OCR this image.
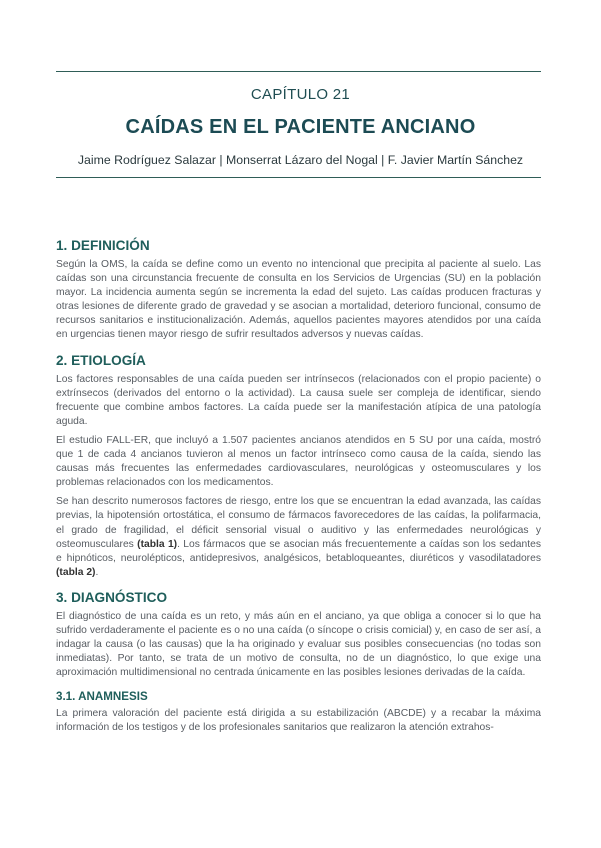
CAPÍTULO 21
CAÍDAS EN EL PACIENTE ANCIANO
Jaime Rodríguez Salazar | Monserrat Lázaro del Nogal | F. Javier Martín Sánchez
1. DEFINICIÓN

Según la OMS, la caída se define como un evento no intencional que precipita al paciente al suelo. Las caídas son una circunstancia frecuente de consulta en los Servicios de Urgencias (SU) en la población mayor. La incidencia aumenta según se incrementa la edad del sujeto. Las caídas producen fracturas y otras lesiones de diferente grado de gravedad y se asocian a mortalidad, deterioro funcional, consumo de recursos sanitarios e institucionalización. Además, aquellos pacientes mayores atendidos por una caída en urgencias tienen mayor riesgo de sufrir resultados adversos y nuevas caídas.

2. ETIOLOGÍA

Los factores responsables de una caída pueden ser intrínsecos (relacionados con el propio paciente) o extrínsecos (derivados del entorno o la actividad). La causa suele ser compleja de identificar, siendo frecuente que combine ambos factores. La caída puede ser la manifestación atípica de una patología aguda.

El estudio FALL-ER, que incluyó a 1.507 pacientes ancianos atendidos en 5 SU por una caída, mostró que 1 de cada 4 ancianos tuvieron al menos un factor intrínseco como causa de la caída, siendo las causas más frecuentes las enfermedades cardiovasculares, neurológicas y osteomusculares y los problemas relacionados con los medicamentos.

Se han descrito numerosos factores de riesgo, entre los que se encuentran la edad avanzada, las caídas previas, la hipotensión ortostática, el consumo de fármacos favorecedores de las caídas, la polifarmacia, el grado de fragilidad, el déficit sensorial visual o auditivo y las enfermedades neurológicas y osteomusculares (tabla 1). Los fármacos que se asocian más frecuentemente a caídas son los sedantes e hipnóticos, neurolépticos, antidepresivos, analgésicos, betabloqueantes, diuréticos y vasodilatadores (tabla 2).

3. DIAGNÓSTICO

El diagnóstico de una caída es un reto, y más aún en el anciano, ya que obliga a conocer si lo que ha sufrido verdaderamente el paciente es o no una caída (o síncope o crisis comicial) y, en caso de ser así, a indagar la causa (o las causas) que la ha originado y evaluar sus posibles consecuencias (no todas son inmediatas). Por tanto, se trata de un motivo de consulta, no de un diagnóstico, lo que exige una aproximación multidimensional no centrada únicamente en las posibles lesiones derivadas de la caída.

3.1. ANAMNESIS

La primera valoración del paciente está dirigida a su estabilización (ABCDE) y a recabar la máxima información de los testigos y de los profesionales sanitarios que realizaron la atención extrahos-
